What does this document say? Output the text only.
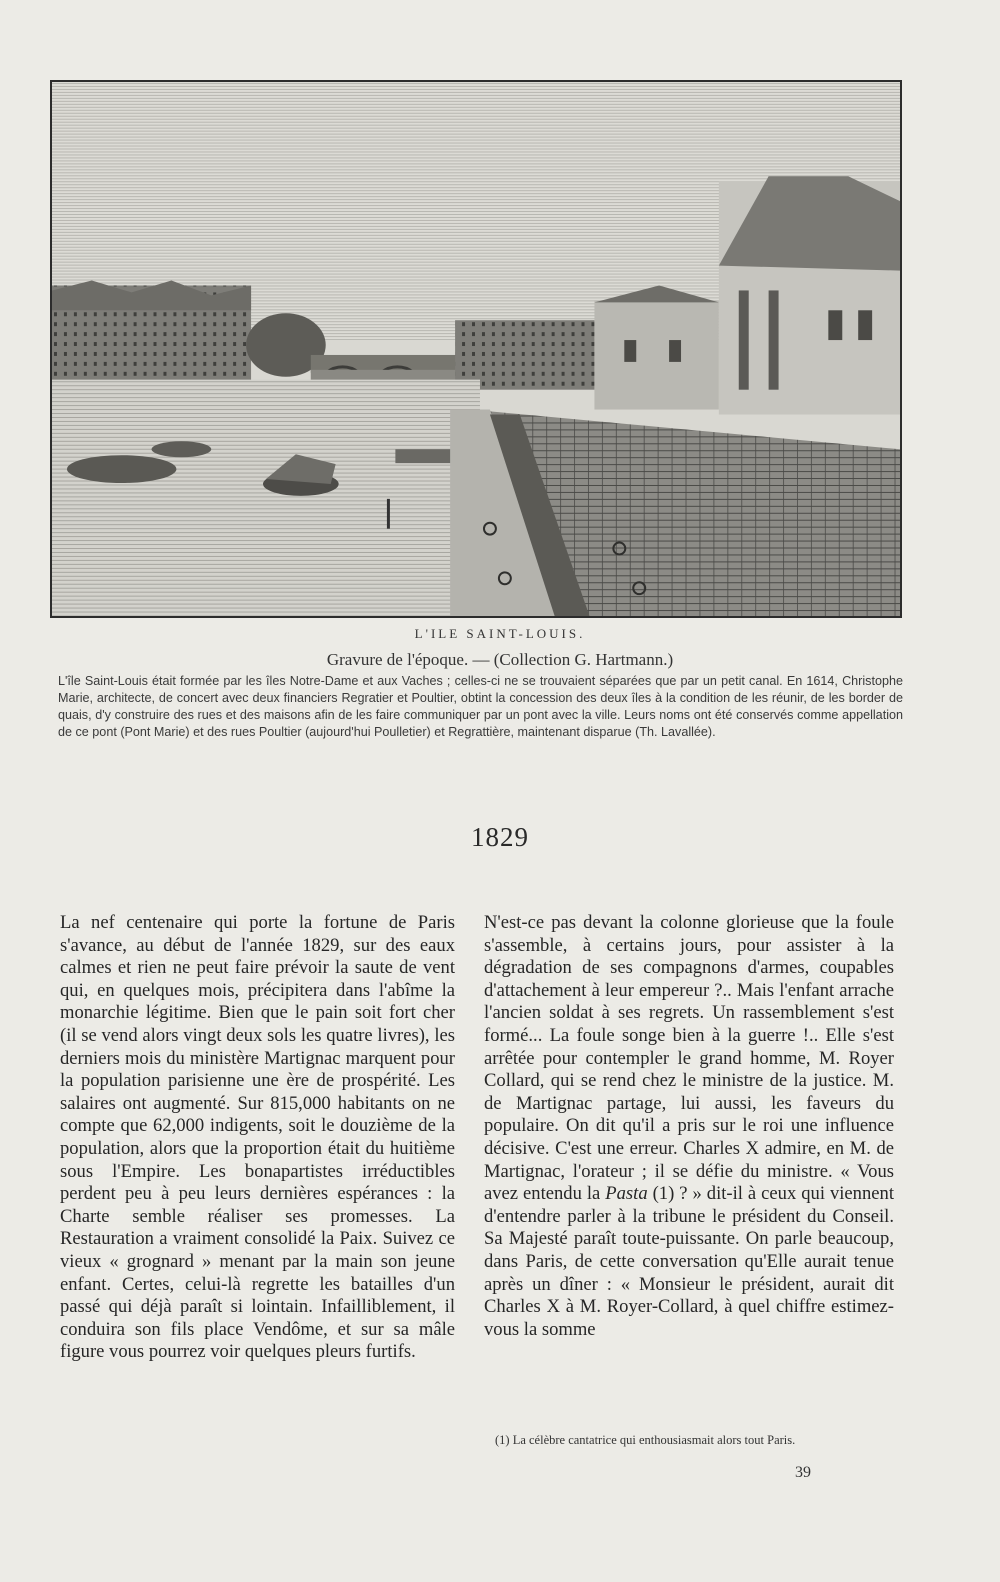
L'ILE SAINT-LOUIS.
Gravure de l'époque. — (Collection G. Hartmann.)
L'île Saint-Louis était formée par les îles Notre-Dame et aux Vaches ; celles-ci ne se trouvaient séparées que par un petit canal. En 1614, Christophe Marie, architecte, de concert avec deux financiers Regratier et Poultier, obtint la concession des deux îles à la condition de les réunir, de les border de quais, d'y construire des rues et des maisons afin de les faire communiquer par un pont avec la ville. Leurs noms ont été conservés comme appellation de ce pont (Pont Marie) et des rues Poultier (aujourd'hui Poulletier) et Regrattière, maintenant disparue (Th. Lavallée).
1829

La nef centenaire qui porte la fortune de Paris s'avance, au début de l'année 1829, sur des eaux calmes et rien ne peut faire prévoir la saute de vent qui, en quelques mois, précipitera dans l'abîme la monarchie légitime. Bien que le pain soit fort cher (il se vend alors vingt deux sols les quatre livres), les derniers mois du ministère Martignac marquent pour la population parisienne une ère de prospérité. Les salaires ont augmenté. Sur 815,000 habitants on ne compte que 62,000 indigents, soit le douzième de la population, alors que la proportion était du huitième sous l'Empire. Les bonapartistes irréductibles perdent peu à peu leurs dernières espérances : la Charte semble réaliser ses promesses. La Restauration a vraiment consolidé la Paix. Suivez ce vieux « grognard » menant par la main son jeune enfant. Certes, celui-là regrette les batailles d'un passé qui déjà paraît si lointain. Infailliblement, il conduira son fils place Vendôme, et sur sa mâle figure vous pourrez voir quelques pleurs furtifs.

N'est-ce pas devant la colonne glorieuse que la foule s'assemble, à certains jours, pour assister à la dégradation de ses compagnons d'armes, coupables d'attachement à leur empereur ?.. Mais l'enfant arrache l'ancien soldat à ses regrets. Un rassemblement s'est formé... La foule songe bien à la guerre !.. Elle s'est arrêtée pour contempler le grand homme, M. Royer Collard, qui se rend chez le ministre de la justice. M. de Martignac partage, lui aussi, les faveurs du populaire. On dit qu'il a pris sur le roi une influence décisive. C'est une erreur. Charles X admire, en M. de Martignac, l'orateur ; il se défie du ministre. « Vous avez entendu la Pasta (1) ? » dit-il à ceux qui viennent d'entendre parler à la tribune le président du Conseil. Sa Majesté paraît toute-puissante. On parle beaucoup, dans Paris, de cette conversation qu'Elle aurait tenue après un dîner : « Monsieur le président, aurait dit Charles X à M. Royer-Collard, à quel chiffre estimez-vous la somme

(1) La célèbre cantatrice qui enthousiasmait alors tout Paris.
39
